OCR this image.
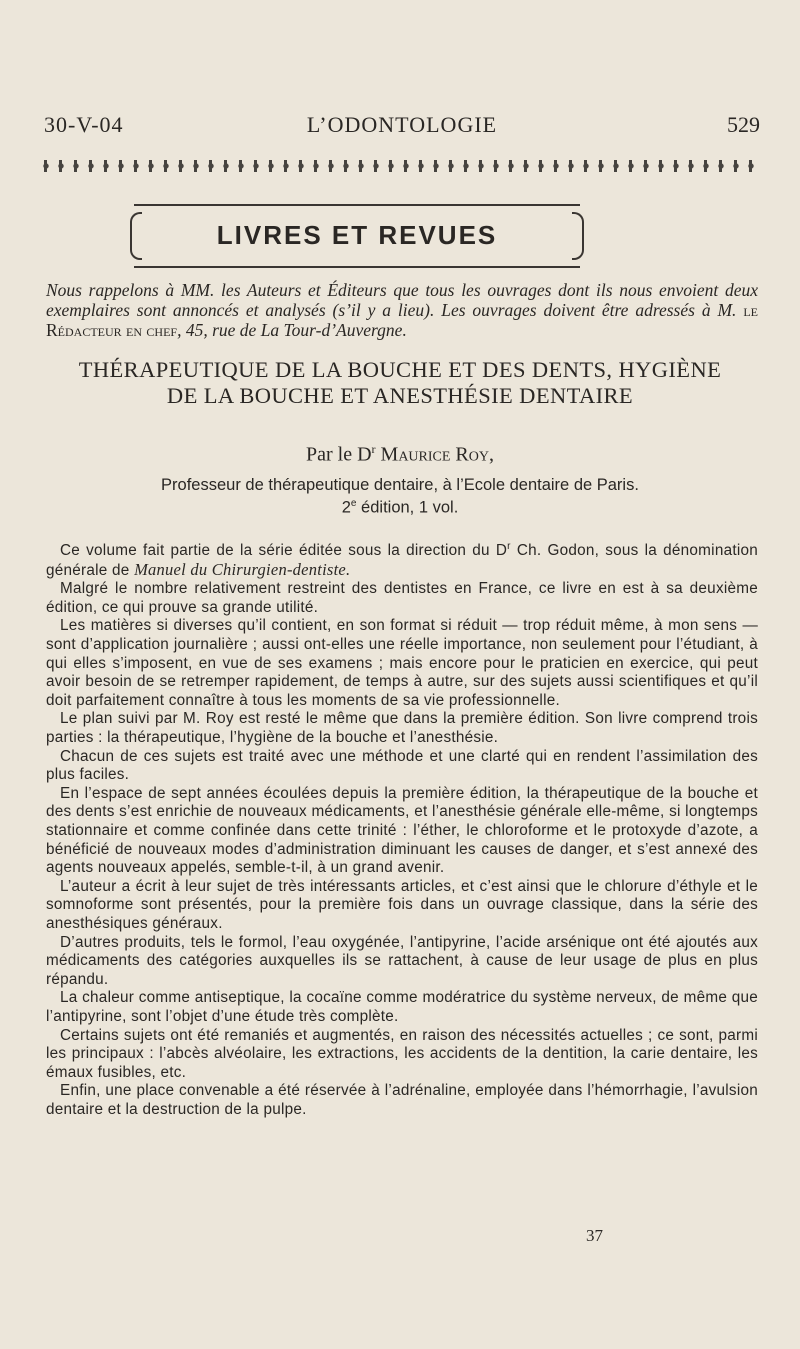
30-V-04	L’ODONTOLOGIE	529
LIVRES ET REVUES
Nous rappelons à MM. les Auteurs et Éditeurs que tous les ouvrages dont ils nous envoient deux exemplaires sont annoncés et analysés (s’il y a lieu). Les ouvrages doivent être adressés à M. le Rédacteur en chef, 45, rue de La Tour-d’Auvergne.
THÉRAPEUTIQUE DE LA BOUCHE ET DES DENTS, HYGIÈNE
DE LA BOUCHE ET ANESTHÉSIE DENTAIRE
Par le $D^r$ Maurice Roy,
Professeur de thérapeutique dentaire, à l’Ecole dentaire de Paris.
2e édition, 1 vol.

Ce volume fait partie de la série éditée sous la direction du $D^r$ Ch. Godon, sous la dénomination générale de Manuel du Chirurgien-dentiste.

Malgré le nombre relativement restreint des dentistes en France, ce livre en est à sa deuxième édition, ce qui prouve sa grande utilité.

Les matières si diverses qu’il contient, en son format si réduit — trop réduit même, à mon sens — sont d’application journalière ; aussi ont-elles une réelle importance, non seulement pour l’étudiant, à qui elles s’imposent, en vue de ses examens ; mais encore pour le praticien en exercice, qui peut avoir besoin de se retremper rapidement, de temps à autre, sur des sujets aussi scientifiques et qu’il doit parfaitement connaître à tous les moments de sa vie professionnelle.

Le plan suivi par M. Roy est resté le même que dans la première édition. Son livre comprend trois parties : la thérapeutique, l’hygiène de la bouche et l’anesthésie.

Chacun de ces sujets est traité avec une méthode et une clarté qui en rendent l’assimilation des plus faciles.

En l’espace de sept années écoulées depuis la première édition, la thérapeutique de la bouche et des dents s’est enrichie de nouveaux médicaments, et l’anesthésie générale elle-même, si longtemps stationnaire et comme confinée dans cette trinité : l’éther, le chloroforme et le protoxyde d’azote, a bénéficié de nouveaux modes d’administration diminuant les causes de danger, et s’est annexé des agents nouveaux appelés, semble-t-il, à un grand avenir.

L’auteur a écrit à leur sujet de très intéressants articles, et c’est ainsi que le chlorure d’éthyle et le somnoforme sont présentés, pour la première fois dans un ouvrage classique, dans la série des anesthésiques généraux.

D’autres produits, tels le formol, l’eau oxygénée, l’antipyrine, l’acide arsénique ont été ajoutés aux médicaments des catégories auxquelles ils se rattachent, à cause de leur usage de plus en plus répandu.

La chaleur comme antiseptique, la cocaïne comme modératrice du système nerveux, de même que l’antipyrine, sont l’objet d’une étude très complète.

Certains sujets ont été remaniés et augmentés, en raison des nécessités actuelles ; ce sont, parmi les principaux : l’abcès alvéolaire, les extractions, les accidents de la dentition, la carie dentaire, les émaux fusibles, etc.

Enfin, une place convenable a été réservée à l’adrénaline, employée dans l’hémorrhagie, l’avulsion dentaire et la destruction de la pulpe.

37
